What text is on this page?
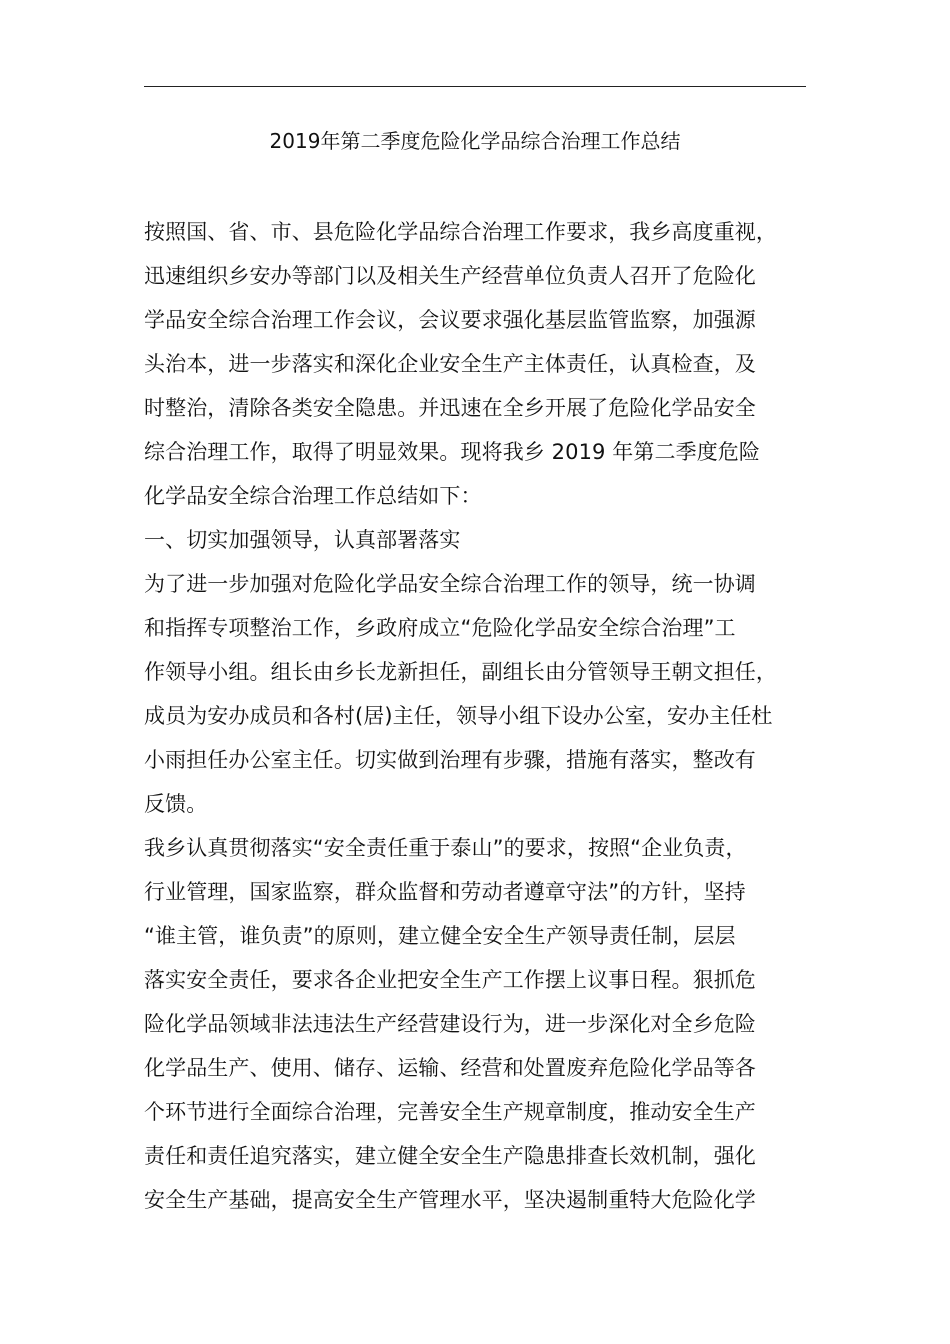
2019年第二季度危险化学品综合治理工作总结
按照国、省、市、县危险化学品综合治理工作要求，我乡高度重视，
迅速组织乡安办等部门以及相关生产经营单位负责人召开了危险化
学品安全综合治理工作会议，会议要求强化基层监管监察，加强源
头治本，进一步落实和深化企业安全生产主体责任，认真检查，及
时整治，清除各类安全隐患。并迅速在全乡开展了危险化学品安全
综合治理工作，取得了明显效果。现将我乡 2019 年第二季度危险
化学品安全综合治理工作总结如下：
一、切实加强领导，认真部署落实
为了进一步加强对危险化学品安全综合治理工作的领导，统一协调
和指挥专项整治工作，乡政府成立“危险化学品安全综合治理”工
作领导小组。组长由乡长龙新担任，副组长由分管领导王朝文担任，
成员为安办成员和各村(居)主任，领导小组下设办公室，安办主任杜
小雨担任办公室主任。切实做到治理有步骤，措施有落实，整改有
反馈。
我乡认真贯彻落实“安全责任重于泰山”的要求，按照“企业负责，
行业管理，国家监察，群众监督和劳动者遵章守法”的方针，坚持
“谁主管，谁负责”的原则，建立健全安全生产领导责任制，层层
落实安全责任，要求各企业把安全生产工作摆上议事日程。狠抓危
险化学品领域非法违法生产经营建设行为，进一步深化对全乡危险
化学品生产、使用、储存、运输、经营和处置废弃危险化学品等各
个环节进行全面综合治理，完善安全生产规章制度，推动安全生产
责任和责任追究落实，建立健全安全生产隐患排查长效机制，强化
安全生产基础，提高安全生产管理水平，坚决遏制重特大危险化学
